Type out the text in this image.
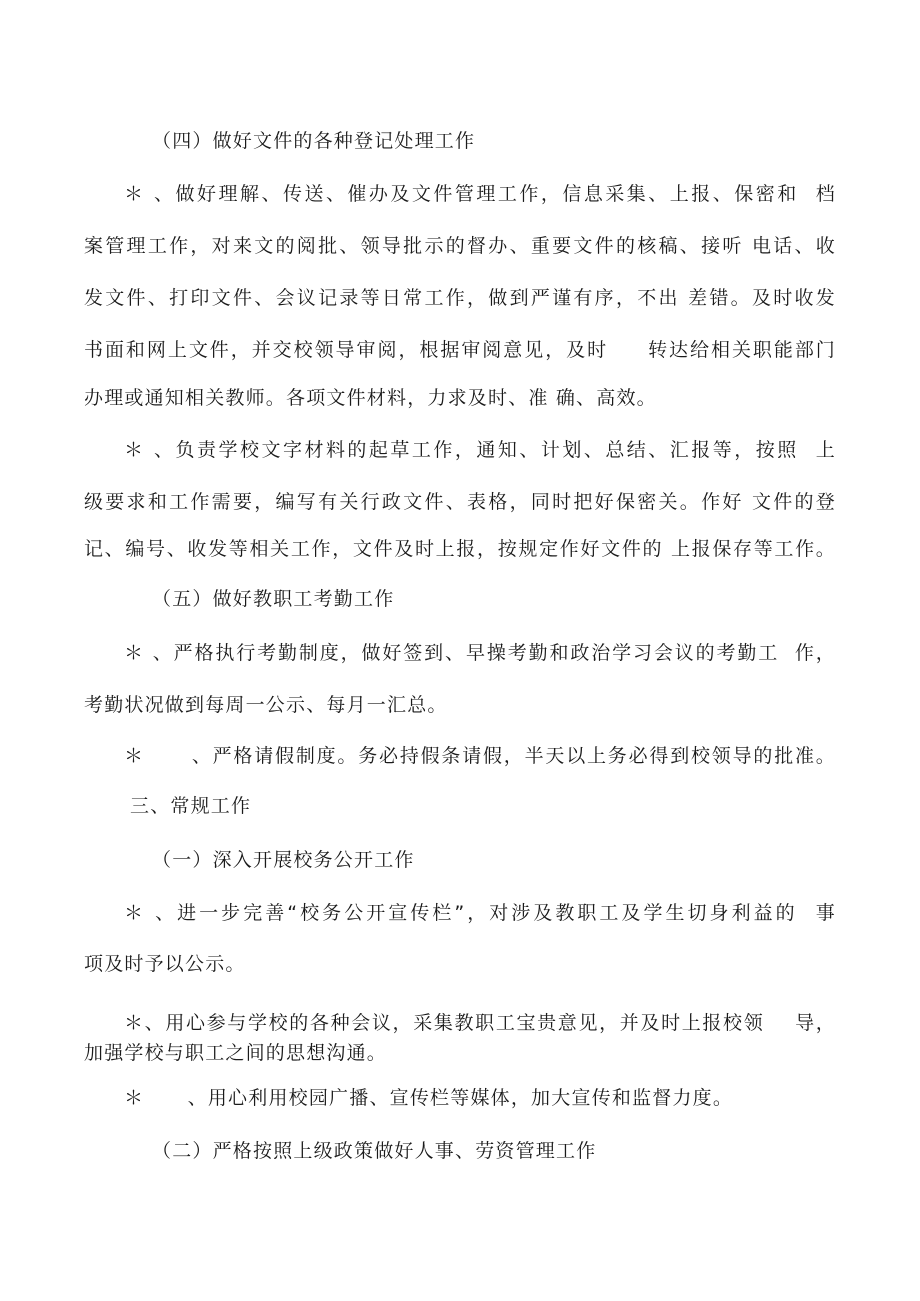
（四）做好文件的各种登记处理工作

＊ 、做好理解、传送、催办及文件管理工作，信息采集、上报、保密和  档

案管理工作，对来文的阅批、领导批示的督办、重要文件的核稿、接听 电话、收

发文件、打印文件、会议记录等日常工作，做到严谨有序，不出 差错。及时收发

书面和网上文件，并交校领导审阅，根据审阅意见，及时     转达给相关职能部门

办理或通知相关教师。各项文件材料，力求及时、准 确、高效。

＊ 、负责学校文字材料的起草工作，通知、计划、总结、汇报等，按照  上

级要求和工作需要，编写有关行政文件、表格，同时把好保密关。作好 文件的登

记、编号、收发等相关工作，文件及时上报，按规定作好文件的 上报保存等工作。

（五）做好教职工考勤工作

＊ 、严格执行考勤制度，做好签到、早操考勤和政治学习会议的考勤工  作，

考勤状况做到每周一公示、每月一汇总。

＊      、严格请假制度。务必持假条请假，半天以上务必得到校领导的批准。

三、常规工作

（一）深入开展校务公开工作

＊ 、进一步完善“校务公开宣传栏”，对涉及教职工及学生切身利益的  事

项及时予以公示。

＊、用心参与学校的各种会议，采集教职工宝贵意见，并及时上报校领    导，

加强学校与职工之间的思想沟通。

＊      、用心利用校园广播、宣传栏等媒体，加大宣传和监督力度。

（二）严格按照上级政策做好人事、劳资管理工作
